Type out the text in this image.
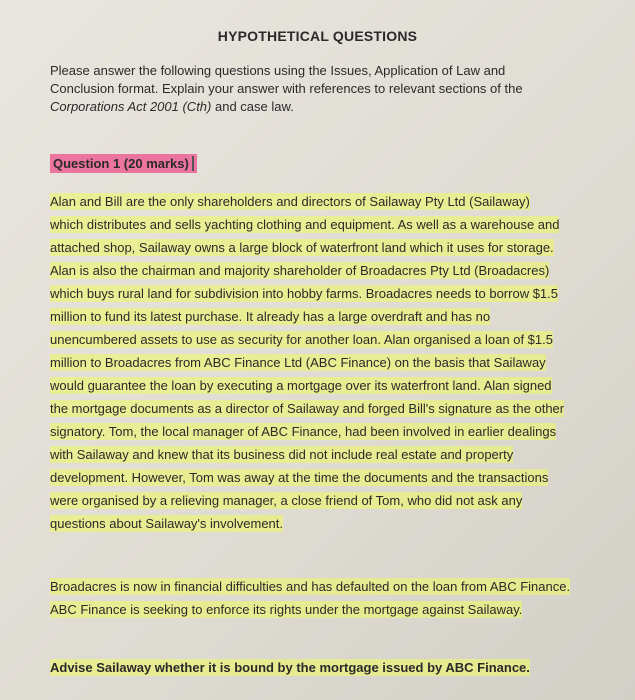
HYPOTHETICAL QUESTIONS

Please answer the following questions using the Issues, Application of Law and Conclusion format. Explain your answer with references to relevant sections of the Corporations Act 2001 (Cth) and case law.

Question 1 (20 marks)
Alan and Bill are the only shareholders and directors of Sailaway Pty Ltd (Sailaway) which distributes and sells yachting clothing and equipment. As well as a warehouse and attached shop, Sailaway owns a large block of waterfront land which it uses for storage. Alan is also the chairman and majority shareholder of Broadacres Pty Ltd (Broadacres) which buys rural land for subdivision into hobby farms. Broadacres needs to borrow $1.5 million to fund its latest purchase. It already has a large overdraft and has no unencumbered assets to use as security for another loan. Alan organised a loan of $1.5 million to Broadacres from ABC Finance Ltd (ABC Finance) on the basis that Sailaway would guarantee the loan by executing a mortgage over its waterfront land. Alan signed the mortgage documents as a director of Sailaway and forged Bill's signature as the other signatory. Tom, the local manager of ABC Finance, had been involved in earlier dealings with Sailaway and knew that its business did not include real estate and property development. However, Tom was away at the time the documents and the transactions were organised by a relieving manager, a close friend of Tom, who did not ask any questions about Sailaway's involvement.
Broadacres is now in financial difficulties and has defaulted on the loan from ABC Finance. ABC Finance is seeking to enforce its rights under the mortgage against Sailaway.
Advise Sailaway whether it is bound by the mortgage issued by ABC Finance.
